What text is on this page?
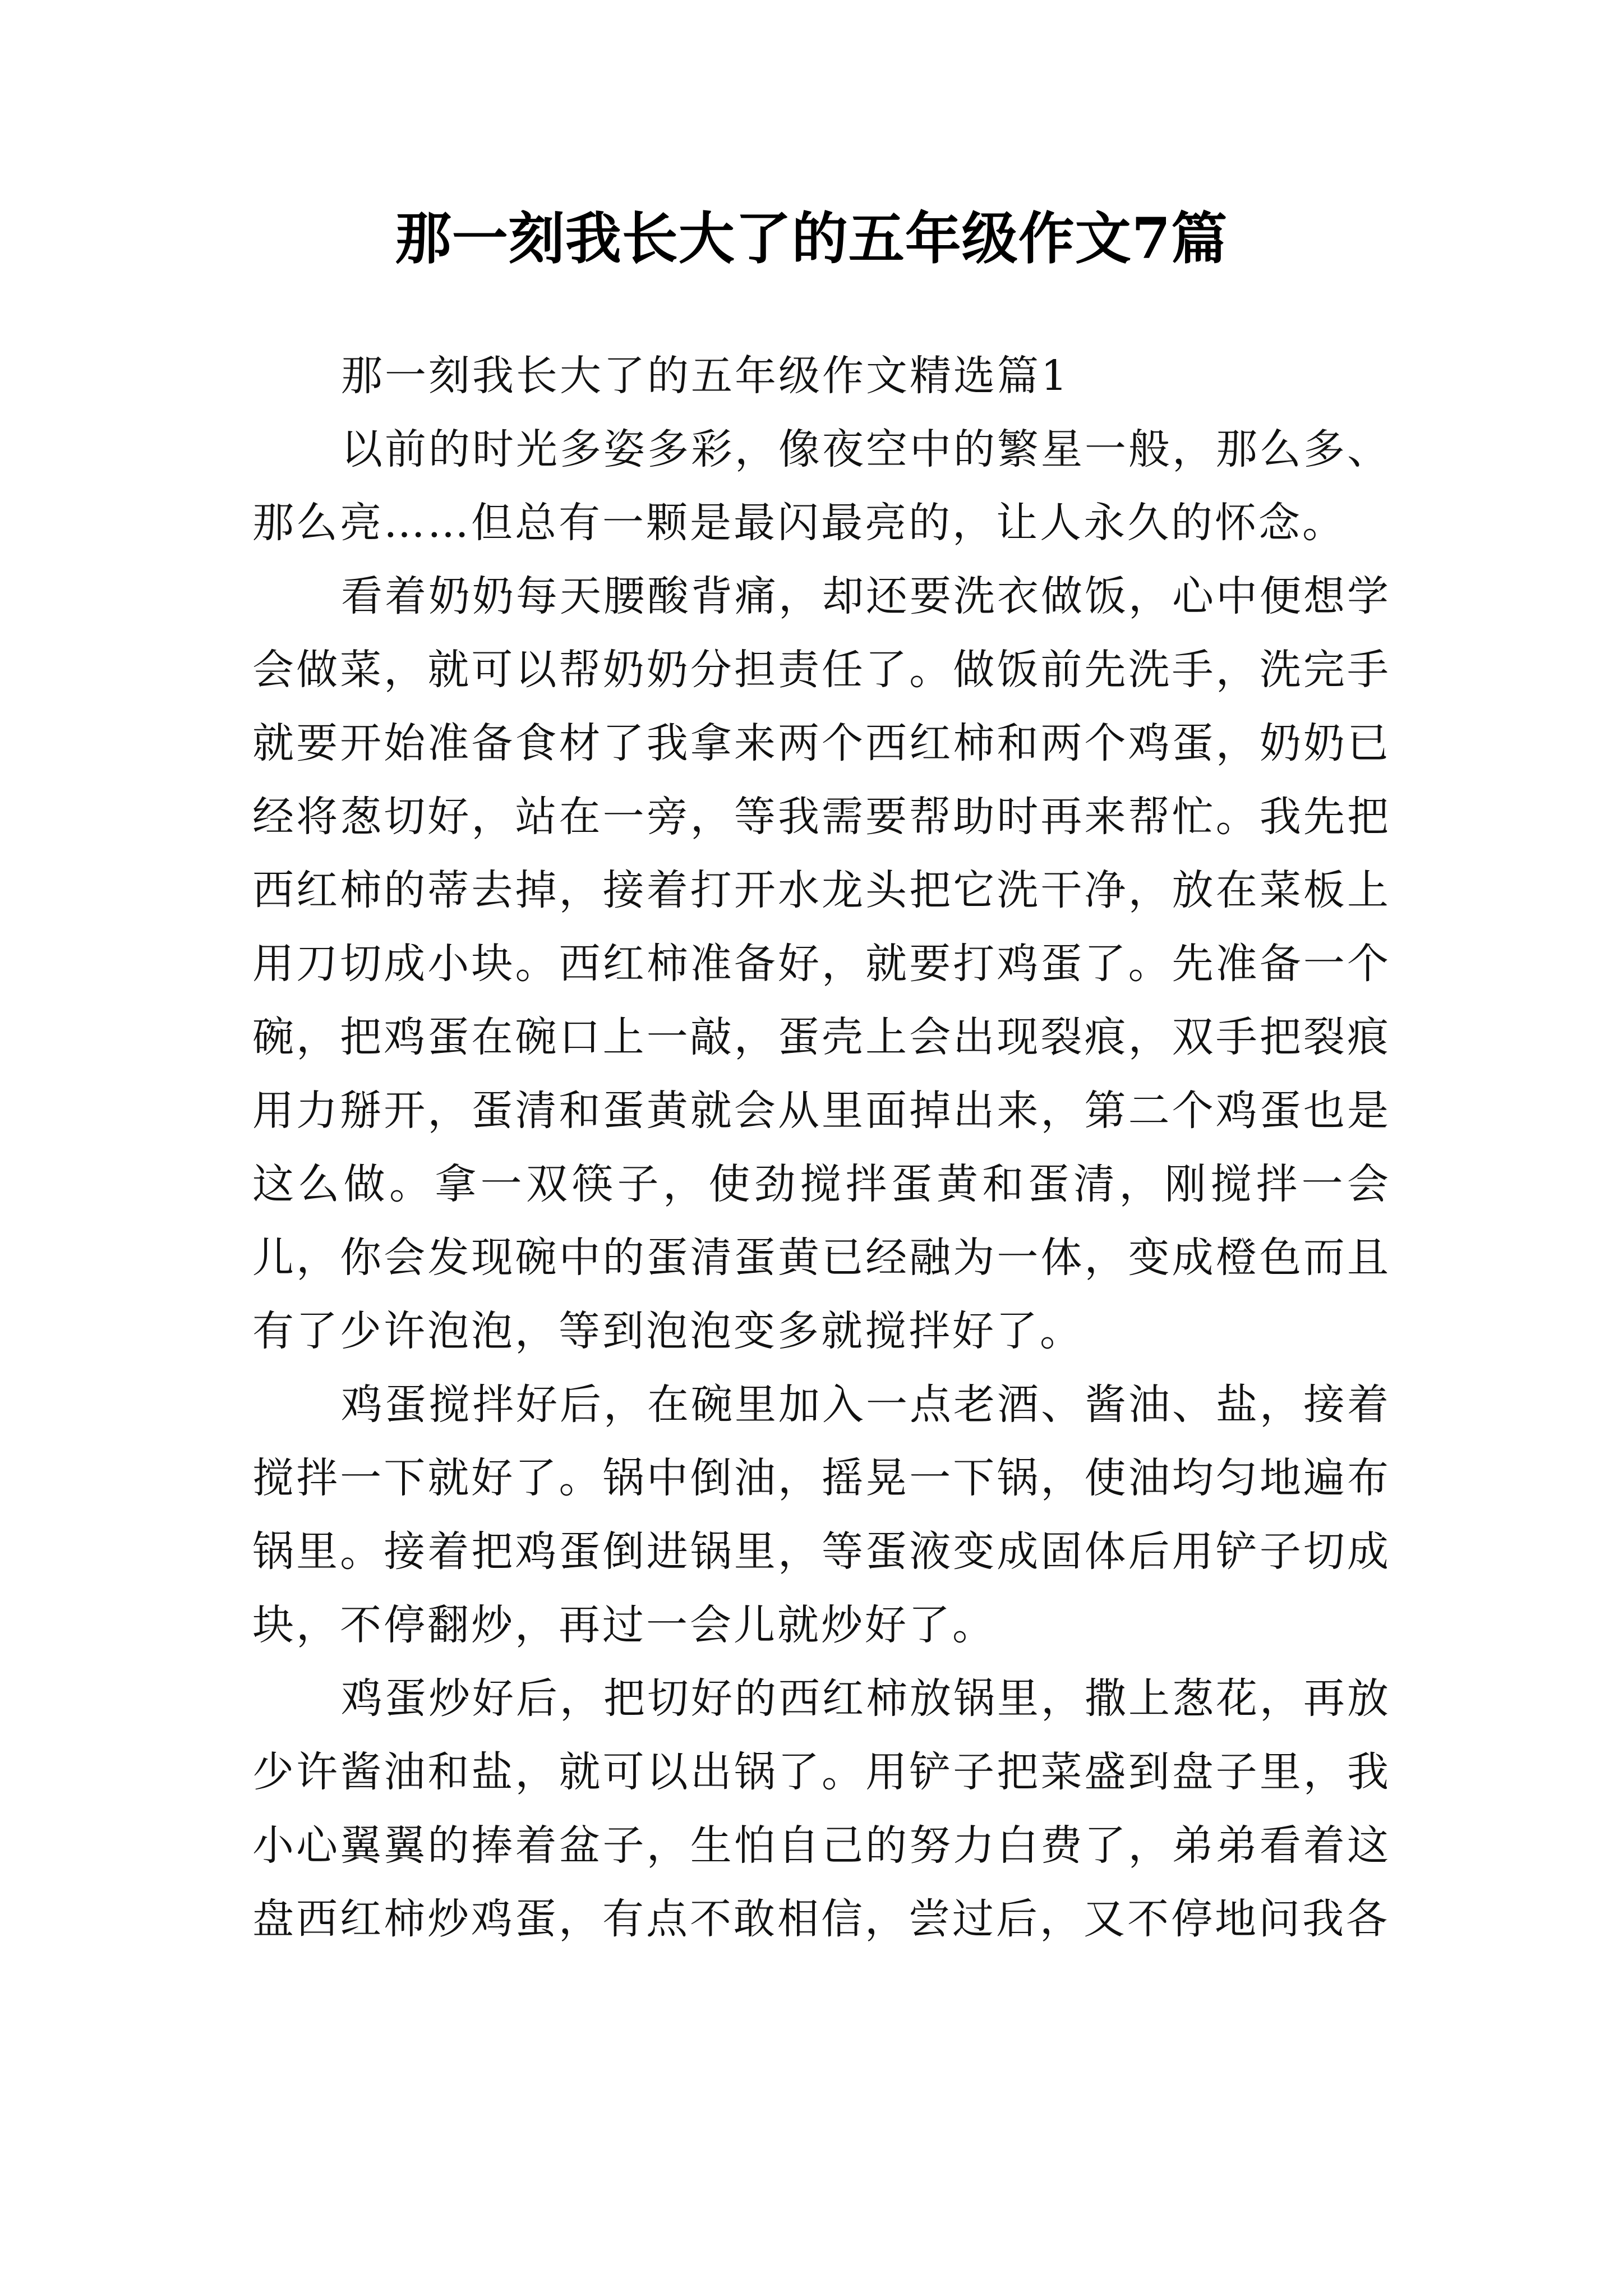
那一刻我长大了的五年级作文7篇

那一刻我长大了的五年级作文精选篇1

以前的时光多姿多彩，像夜空中的繁星一般，那么多、那么亮……但总有一颗是最闪最亮的，让人永久的怀念。

看着奶奶每天腰酸背痛，却还要洗衣做饭，心中便想学会做菜，就可以帮奶奶分担责任了。做饭前先洗手，洗完手就要开始准备食材了我拿来两个西红柿和两个鸡蛋，奶奶已经将葱切好，站在一旁，等我需要帮助时再来帮忙。我先把西红柿的蒂去掉，接着打开水龙头把它洗干净，放在菜板上用刀切成小块。西红柿准备好，就要打鸡蛋了。先准备一个碗，把鸡蛋在碗口上一敲，蛋壳上会出现裂痕，双手把裂痕用力掰开，蛋清和蛋黄就会从里面掉出来，第二个鸡蛋也是这么做。拿一双筷子，使劲搅拌蛋黄和蛋清，刚搅拌一会儿，你会发现碗中的蛋清蛋黄已经融为一体，变成橙色而且有了少许泡泡，等到泡泡变多就搅拌好了。

鸡蛋搅拌好后，在碗里加入一点老酒、酱油、盐，接着搅拌一下就好了。锅中倒油，摇晃一下锅，使油均匀地遍布锅里。接着把鸡蛋倒进锅里，等蛋液变成固体后用铲子切成块，不停翻炒，再过一会儿就炒好了。

鸡蛋炒好后，把切好的西红柿放锅里，撒上葱花，再放少许酱油和盐，就可以出锅了。用铲子把菜盛到盘子里，我小心翼翼的捧着盆子，生怕自己的努力白费了，弟弟看着这盘西红柿炒鸡蛋，有点不敢相信，尝过后，又不停地问我各
